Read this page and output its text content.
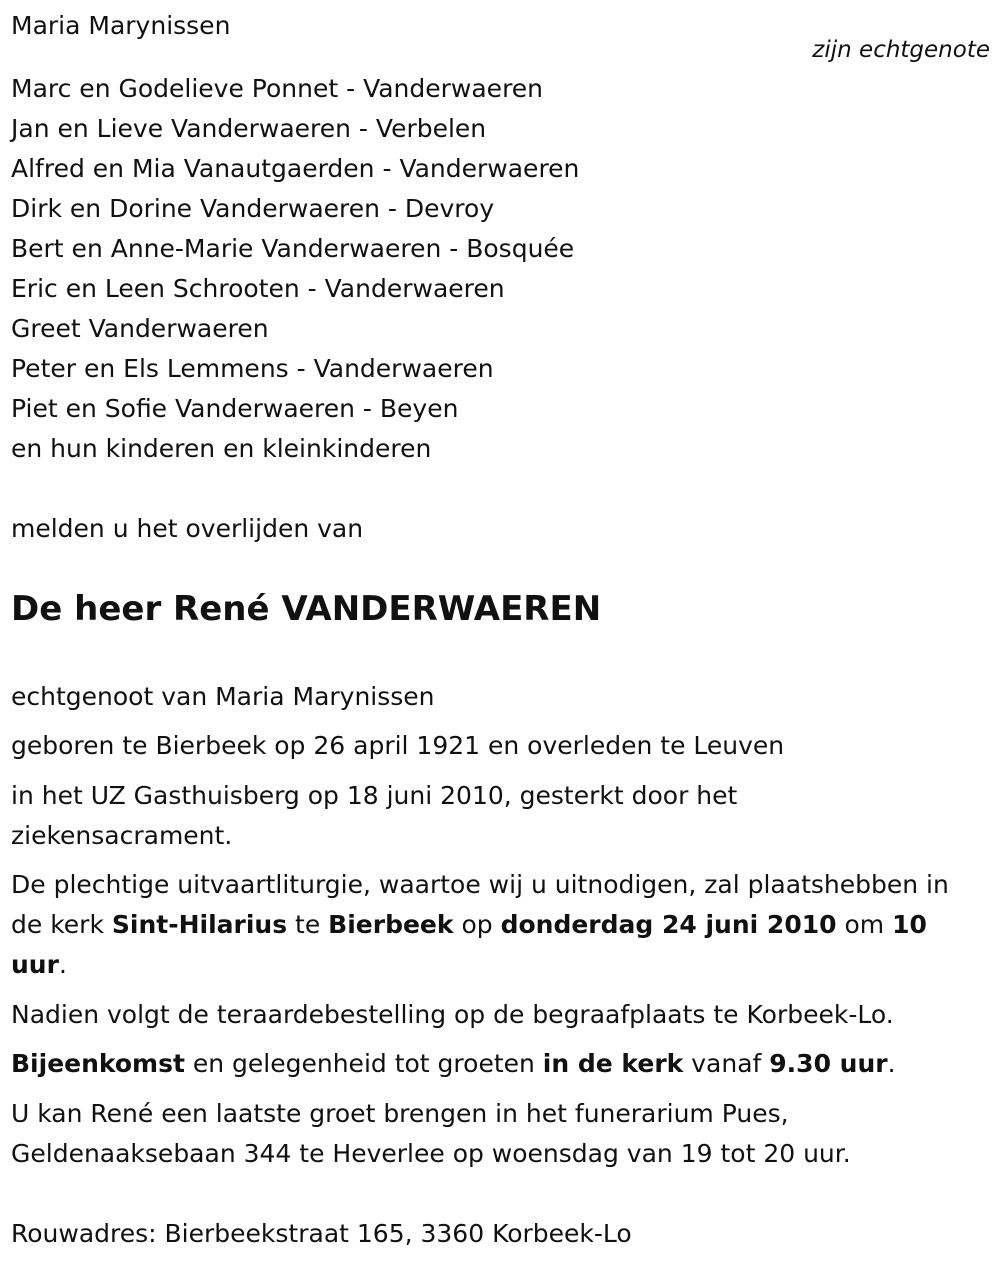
Maria Marynissen

zijn echtgenote

Marc en Godelieve Ponnet - Vanderwaeren

Jan en Lieve Vanderwaeren - Verbelen

Alfred en Mia Vanautgaerden - Vanderwaeren

Dirk en Dorine Vanderwaeren - Devroy

Bert en Anne-Marie Vanderwaeren - Bosquée

Eric en Leen Schrooten - Vanderwaeren

Greet Vanderwaeren

Peter en Els Lemmens - Vanderwaeren

Piet en Sofie Vanderwaeren - Beyen

en hun kinderen en kleinkinderen

melden u het overlijden van

De heer René VANDERWAEREN

echtgenoot van Maria Marynissen

geboren te Bierbeek op 26 april 1921 en overleden te Leuven

in het UZ Gasthuisberg op 18 juni 2010, gesterkt door het ziekensacrament.

De plechtige uitvaartliturgie, waartoe wij u uitnodigen, zal plaatshebben in de kerk Sint-Hilarius te Bierbeek op donderdag 24 juni 2010 om 10 uur.

Nadien volgt de teraardebestelling op de begraafplaats te Korbeek-Lo.

Bijeenkomst en gelegenheid tot groeten in de kerk vanaf 9.30 uur.

U kan René een laatste groet brengen in het funerarium Pues, Geldenaaksebaan 344 te Heverlee op woensdag van 19 tot 20 uur.

Rouwadres: Bierbeekstraat 165, 3360 Korbeek-Lo
